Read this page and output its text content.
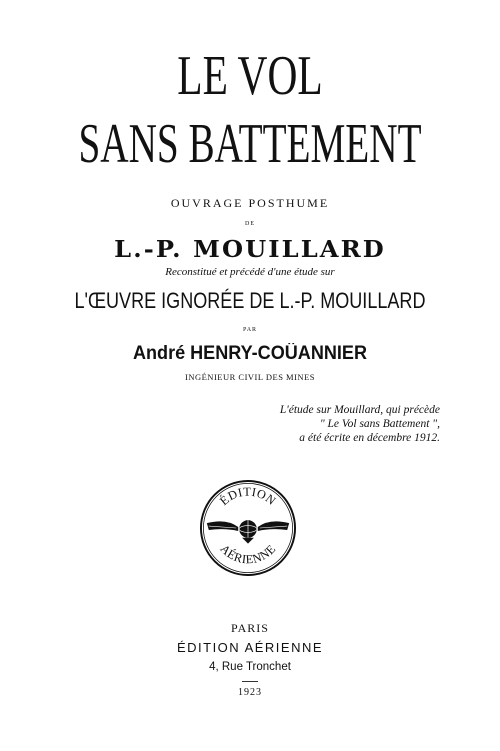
LE VOL
SANS BATTEMENT
OUVRAGE POSTHUME
DE
L.-P. MOUILLARD
Reconstitué et précédé d'une étude sur
L'ŒUVRE IGNORÉE DE L.-P. MOUILLARD
PAR
André HENRY-COÜANNIER
INGÉNIEUR CIVIL DES MINES
L'étude sur Mouillard, qui précède
" Le Vol sans Battement ",
a été écrite en décembre 1912.
ÉDITION
AÉRIENNE
PARIS
ÉDITION AÉRIENNE
4, Rue Tronchet
1923
